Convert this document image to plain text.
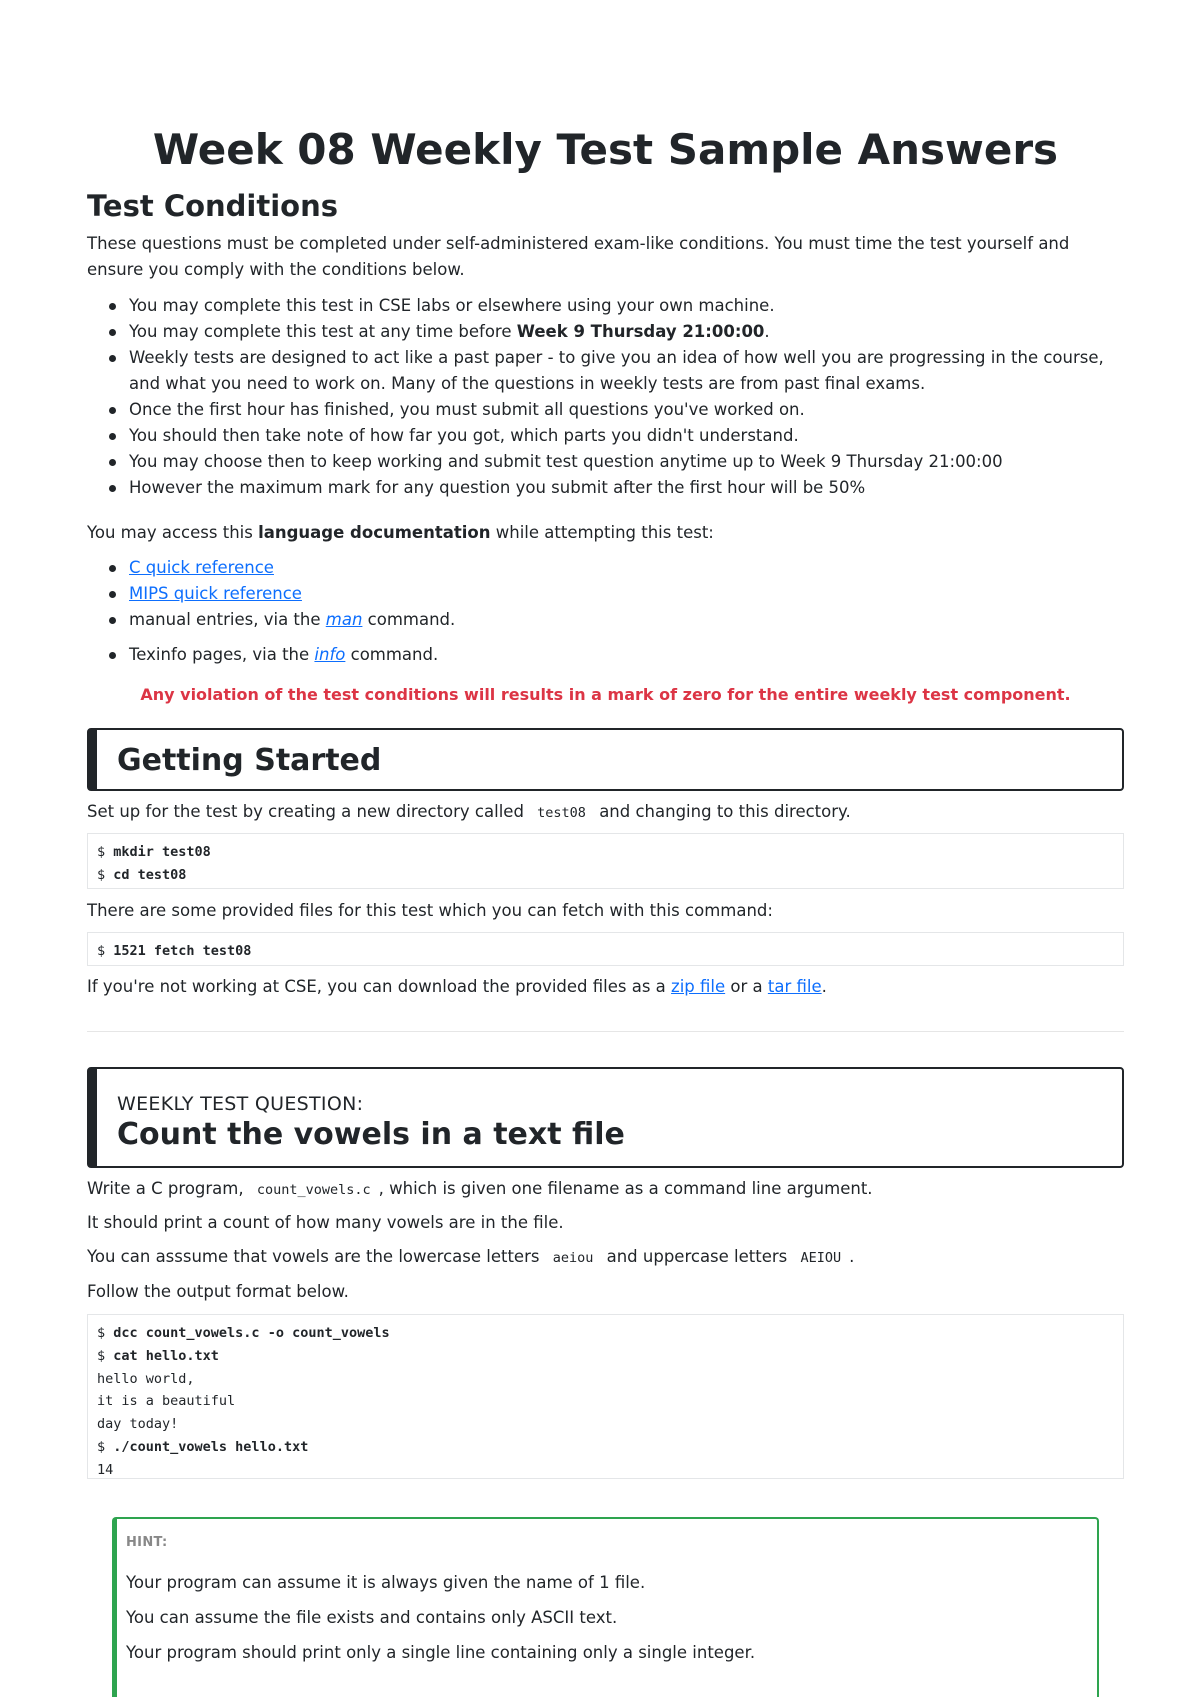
Week 08 Weekly Test Sample Answers
Test Conditions

These questions must be completed under self-administered exam-like conditions. You must time the test yourself and ensure you comply with the conditions below.

You may complete this test in CSE labs or elsewhere using your own machine.
You may complete this test at any time before Week 9 Thursday 21:00:00.
Weekly tests are designed to act like a past paper - to give you an idea of how well you are progressing in the course, and what you need to work on. Many of the questions in weekly tests are from past final exams.
Once the first hour has finished, you must submit all questions you've worked on.
You should then take note of how far you got, which parts you didn't understand.
You may choose then to keep working and submit test question anytime up to Week 9 Thursday 21:00:00
However the maximum mark for any question you submit after the first hour will be 50%

You may access this language documentation while attempting this test:

C quick reference
MIPS quick reference
manual entries, via the man command.
Texinfo pages, via the info command.

Any violation of the test conditions will results in a mark of zero for the entire weekly test component.

Getting Started

Set up for the test by creating a new directory called test08 and changing to this directory.

$ mkdir test08
$ cd test08

There are some provided files for this test which you can fetch with this command:

$ 1521 fetch test08

If you're not working at CSE, you can download the provided files as a zip file or a tar file.

WEEKLY TEST QUESTION:

Count the vowels in a text file

Write a C program, count_vowels.c , which is given one filename as a command line argument.

It should print a count of how many vowels are in the file.

You can asssume that vowels are the lowercase letters aeiou and uppercase letters AEIOU .

Follow the output format below.

$ dcc count_vowels.c -o count_vowels
$ cat hello.txt
hello world,
it is a beautiful
day today!
$ ./count_vowels hello.txt
14

HINT:

Your program can assume it is always given the name of 1 file.

You can assume the file exists and contains only ASCII text.

Your program should print only a single line containing only a single integer.
